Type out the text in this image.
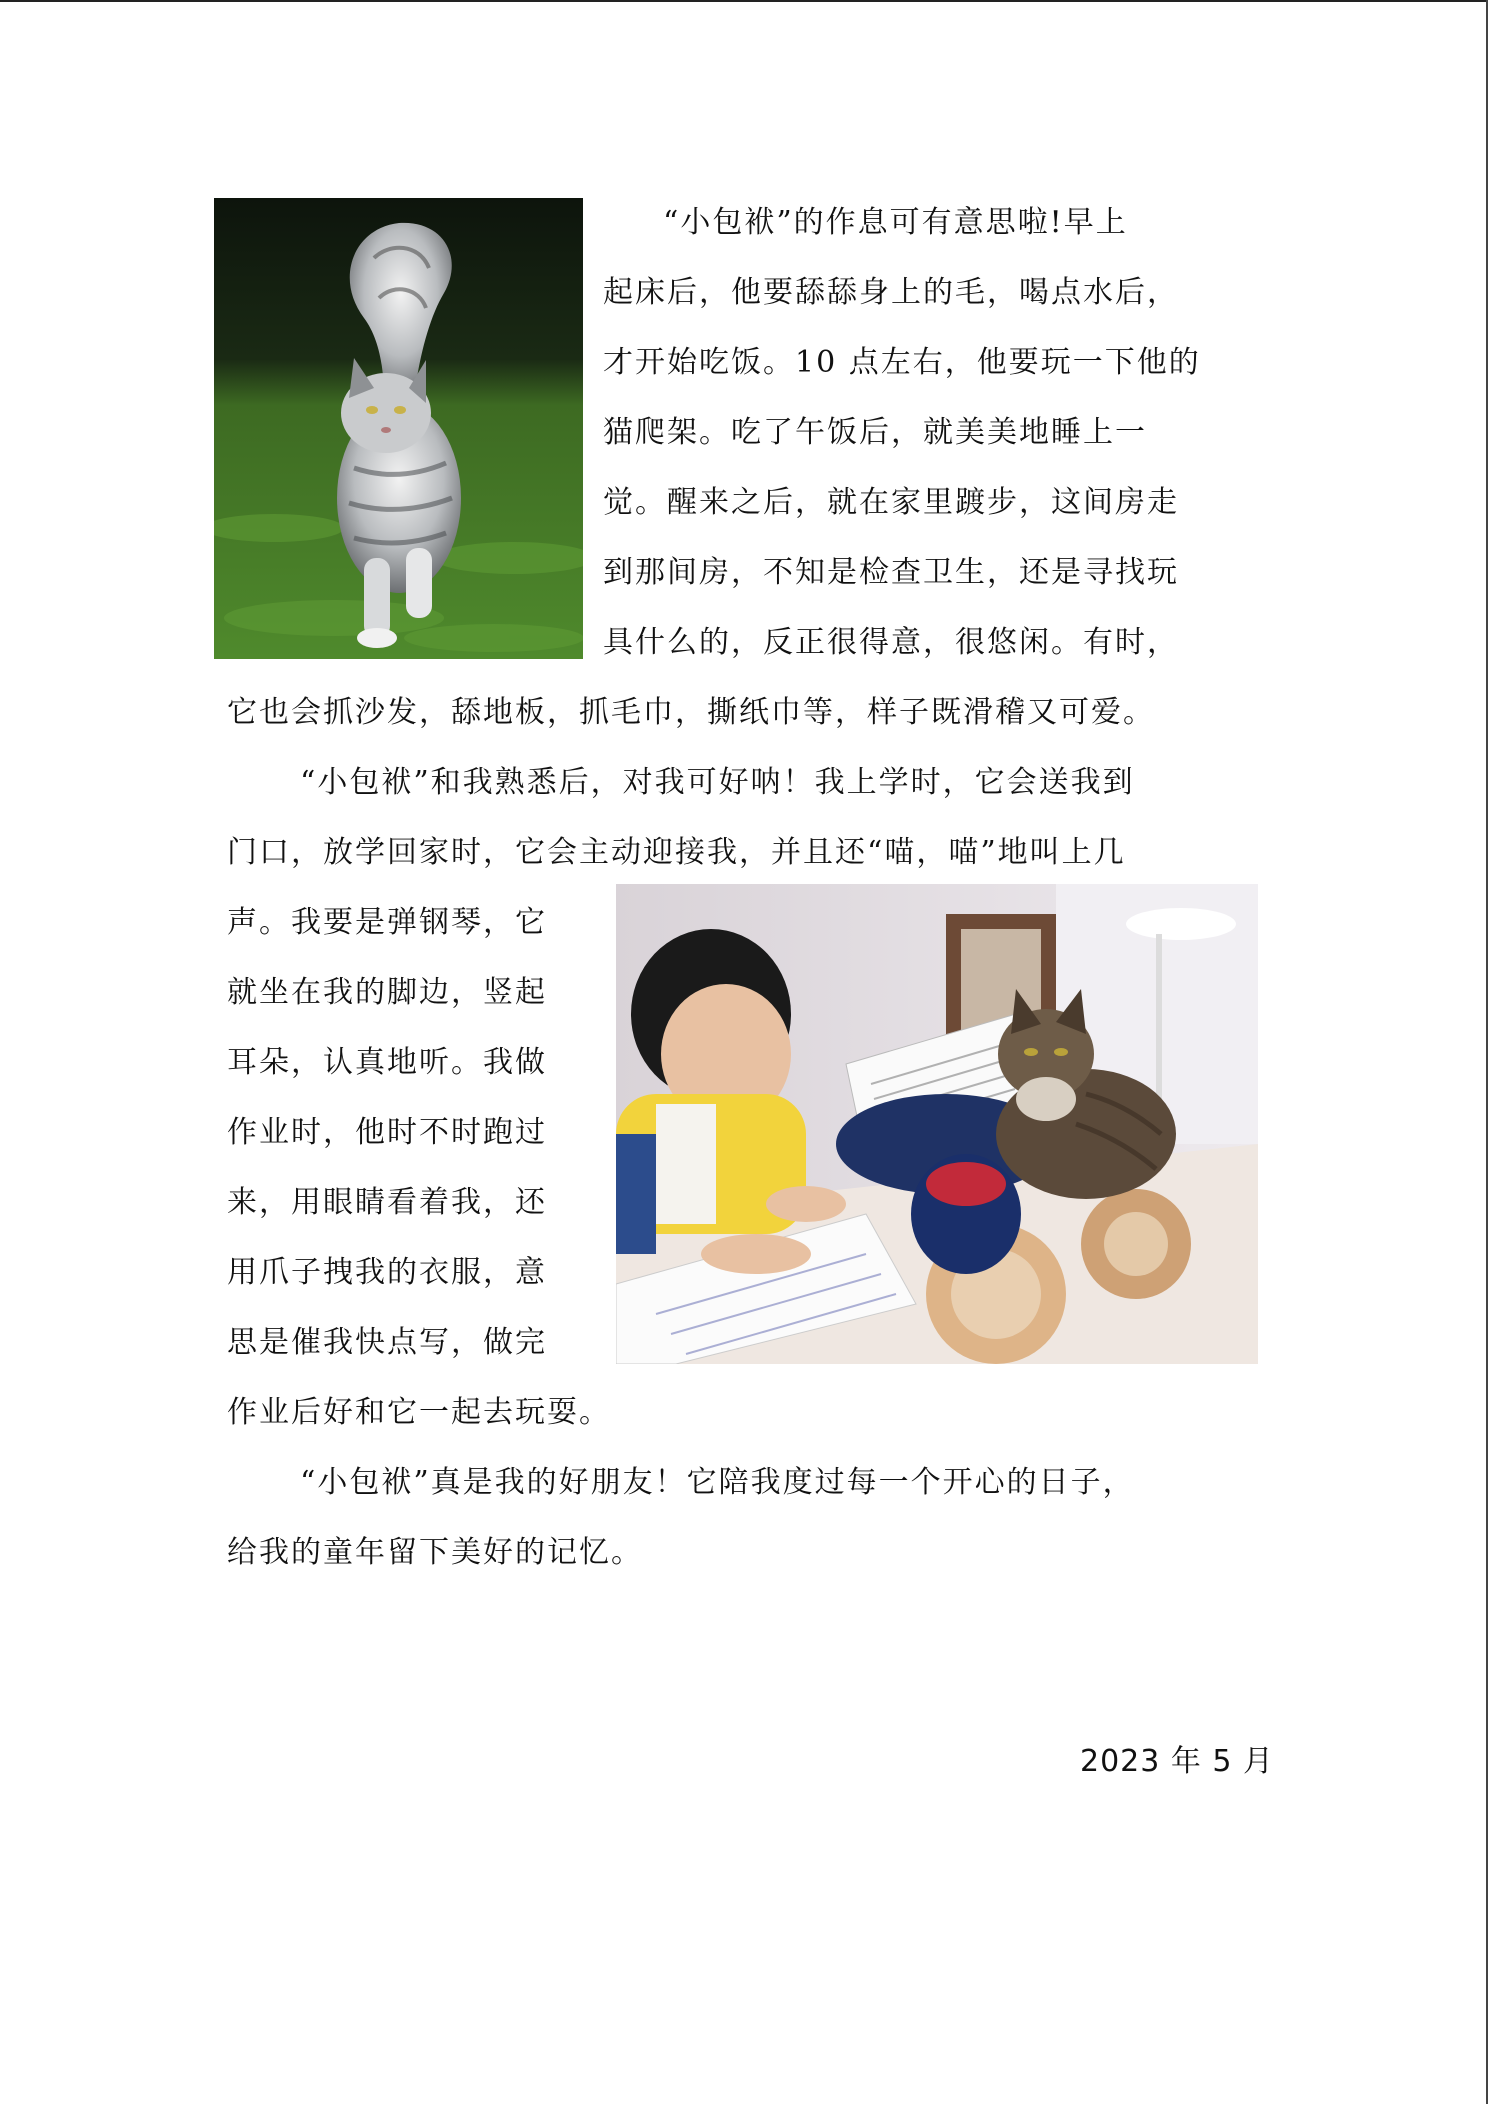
“小包袱”的作息可有意思啦!早上
起床后，他要舔舔身上的毛，喝点水后，
才开始吃饭。10 点左右，他要玩一下他的
猫爬架。吃了午饭后，就美美地睡上一
觉。醒来之后，就在家里踱步，这间房走
到那间房，不知是检查卫生，还是寻找玩
具什么的，反正很得意，很悠闲。有时，
它也会抓沙发，舔地板，抓毛巾，撕纸巾等，样子既滑稽又可爱。
“小包袱”和我熟悉后，对我可好呐！我上学时，它会送我到
门口，放学回家时，它会主动迎接我，并且还“喵，喵”地叫上几
声。我要是弹钢琴，它
就坐在我的脚边，竖起
耳朵，认真地听。我做
作业时，他时不时跑过
来，用眼睛看着我，还
用爪子拽我的衣服，意
思是催我快点写，做完
作业后好和它一起去玩耍。
“小包袱”真是我的好朋友！它陪我度过每一个开心的日子，
给我的童年留下美好的记忆。
2023 年 5 月
